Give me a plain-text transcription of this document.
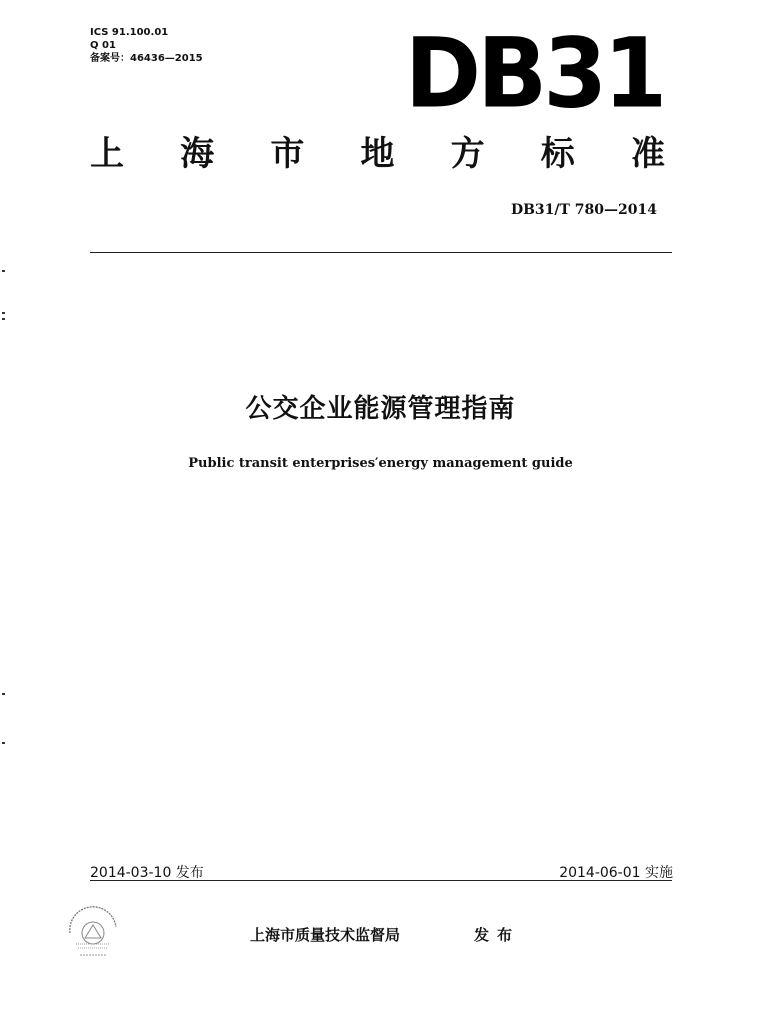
ICS 91.100.01
Q 01
备案号：46436—2015 DB31
上 海 市 地 方 标 准
DB31/T 780—2014
公交企业能源管理指南
Public transit enterprises′energy management guide
2014-03-10 发布	2014-06-01 实施
上海市质量技术监督局	发布
